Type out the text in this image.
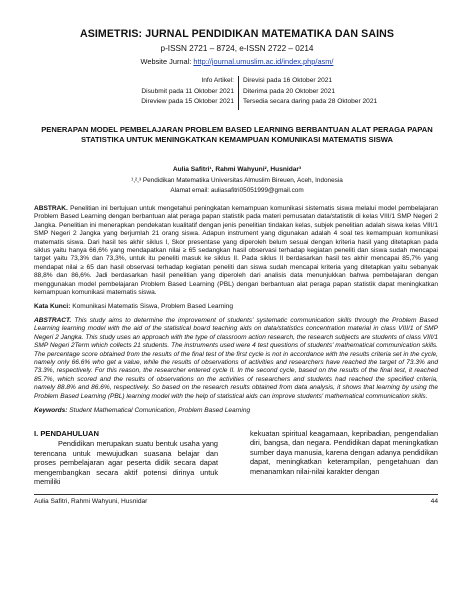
ASIMETRIS: JURNAL PENDIDIKAN MATEMATIKA DAN SAINS
p-ISSN 2721 – 8724, e-ISSN 2722 – 0214
Website Jurnal: http://journal.umuslim.ac.id/index.php/asm/
Info Artikel:
Disubmit pada 11 Oktober 2021
Direview pada 15 Oktober 2021
Direvisi pada 16 Oktober 2021
Diterima pada 20 Oktober 2021
Tersedia secara daring pada 28 Oktober 2021
PENERAPAN MODEL PEMBELAJARAN PROBLEM BASED LEARNING BERBANTUAN ALAT PERAGA PAPAN STATISTIKA UNTUK MENINGKATKAN KEMAMPUAN KOMUNIKASI MATEMATIS SISWA
Aulia Safitri¹, Rahmi Wahyuni², Husnidar³
¹,²,³ Pendidikan Matematika Universitas Almuslim Bireuen, Aceh, Indonesia
Alamat email: auliasafitri05051999@gmail.com
ABSTRAK. Penelitian ini bertujuan untuk mengetahui peningkatan kemampuan komunikasi sistematis siswa melalui model pembelajaran Problem Based Learning dengan berbantuan alat peraga papan statistik pada materi pemusatan data/statistik di kelas VIII/1 SMP Negeri 2 Jangka. Penelitian ini menerapkan pendekatan kualitatif dengan jenis penelitian tindakan kelas, subjek penelitian adalah siswa kelas VIII/1 SMP Negeri 2 Jangka yang berjumlah 21 orang siswa. Adapun instrument yang digunakan adalah 4 soal tes kemampuan komunikasi matematis siswa. Dari hasil tes akhir siklus I, Skor presentase yang diperoleh belum sesuai dengan kriteria hasil yang ditetapkan pada siklus yaitu hanya 66,6% yang mendapatkan nilai ≥ 65 sedangkan hasil observasi terhadap kegiatan peneliti dan siswa sudah mencapai target yaitu 73,3% dan 73,3%, untuk itu peneliti masuk ke siklus II. Pada siklus II berdasarkan hasil tes akhir mencapai 85,7% yang mendapat nilai ≥ 65 dan hasil observasi terhadap kegiatan peneliti dan siswa sudah mencapai kriteria yang ditetapkan yaitu sebanyak 88,8% dan 86,6%. Jadi berdasarkan hasil penelitian yang diperoleh dari analisis data menunjukkan bahwa pembelajaran dengan menggunakan model pembelajaran Problem Based Learning (PBL) dengan berbantuan alat peraga papan statistik dapat meningkatkan kemampuan komunikasi matematis siswa.
Kata Kunci: Komunikasi Matematis Siswa, Problem Based Learning
ABSTRACT. This study aims to determine the improvement of students' systematic communication skills through the Problem Based Learning learning model with the aid of the statistical board teaching aids on data/statistics concentration material in class VIII/1 of SMP Negeri 2 Jangka. This study uses an approach with the type of classroom action research, the research subjects are students of class VIII/1 SMP Negeri 2Term which collects 21 students. The instruments used were 4 test questions of students' mathematical communication skills. The percentage score obtained from the results of the final test of the first cycle is not in accordance with the results criteria set in the cycle, namely only 66.6% who get a value, while the results of observations of activities and researchers have reached the target of 73.3% and 73.3%, respectively. For this reason, the researcher entered cycle II. In the second cycle, based on the results of the final test, it reached 85.7%, which scored and the results of observations on the activities of researchers and students had reached the specified criteria, namely 88.8% and 86.6%, respectively. So based on the research results obtained from data analysis, it shows that learning by using the Problem Based Learning (PBL) learning model with the help of statistical aids can improve students' mathematical communication skills.
Keywords: Student Mathematical Comunication, Problem Based Learning
I. PENDAHULUAN
Pendidikan merupakan suatu bentuk usaha yang terencana untuk mewujudkan suasana belajar dan proses pembelajaran agar peserta didik secara dapat mengembangkan secara aktif potensi dirinya untuk memiliki
kekuatan spiritual keagamaan, kepribadian, pengendalian diri, bangsa, dan negara. Pendidikan dapat meningkatkan sumber daya manusia, karena dengan adanya pendidikan dapat, meningkatkan keterampilan, pengetahuan dan menanamkan nilai-nilai karakter dengan
Aulia Safitri, Rahmi Wahyuni, Husnidar	44
